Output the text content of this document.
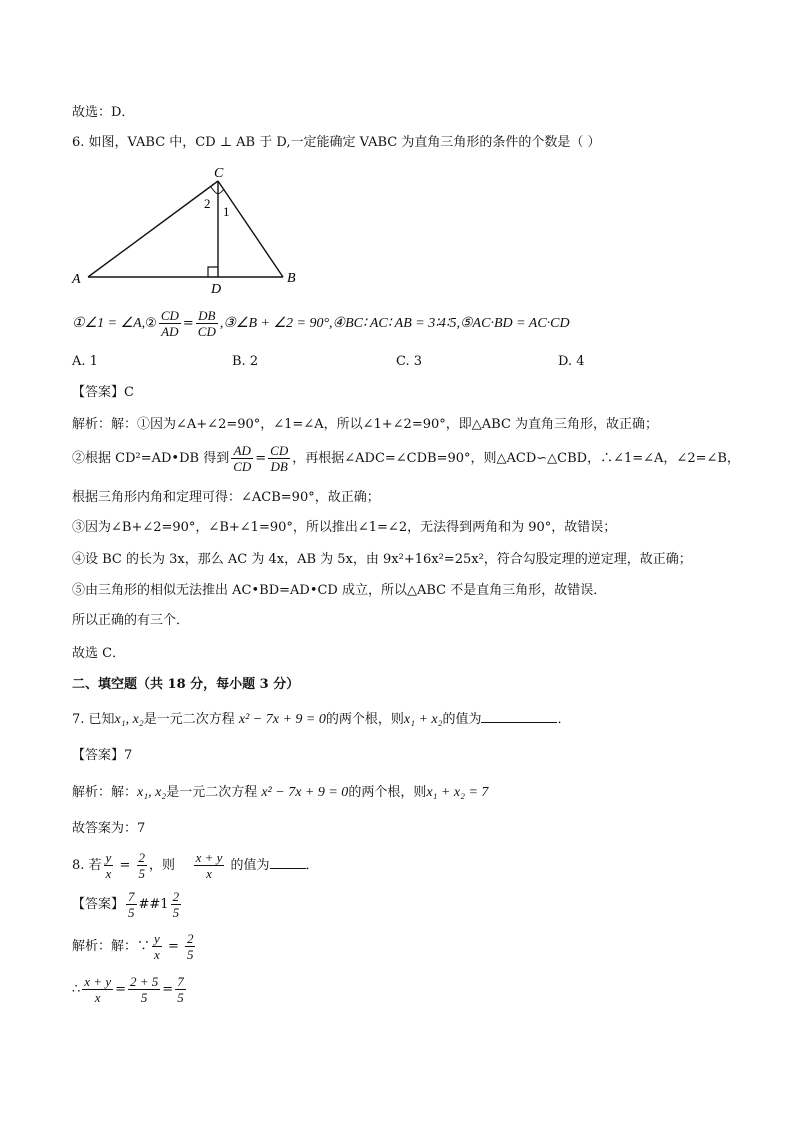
故选：D．
6. 如图，VABC 中，CD ⊥ AB 于 D,一定能确定 VABC 为直角三角形的条件的个数是（ ）
C
2
1
A	B
D
①∠1 = ∠A,② $\frac{CD}{AD} = \frac{DB}{CD}$ ,③∠B + ∠2 = 90°,④BC∶ AC∶ AB = 3∶4∶5,⑤AC·BD = AC·CD
A. 1	B. 2	C. 3	D. 4
【答案】C
解析：解：①因为∠A+∠2=90°，∠1=∠A，所以∠1+∠2=90°，即△ABC 为直角三角形，故正确；
②根据 CD²=AD•DB 得到 $\frac{AD}{CD} = \frac{CD}{DB}$ ，再根据∠ADC=∠CDB=90°，则△ACD∽△CBD，∴∠1=∠A，∠2=∠B，
根据三角形内角和定理可得：∠ACB=90°，故正确；
③因为∠B+∠2=90°，∠B+∠1=90°，所以推出∠1=∠2，无法得到两角和为 90°，故错误；
④设 BC 的长为 3x，那么 AC 为 4x，AB 为 5x，由 9x²+16x²=25x²，符合勾股定理的逆定理，故正确；
⑤由三角形的相似无法推出 AC•BD=AD•CD 成立，所以△ABC 不是直角三角形，故错误．
所以正确的有三个．
故选 C．
二、填空题（共 18 分，每小题 3 分）
7. 已知x₁, x₂是一元二次方程 x² − 7x + 9 = 0的两个根，则x₁ + x₂的值为	．
【答案】7
解析：解：x₁, x₂是一元二次方程 x² − 7x + 9 = 0的两个根，则x₁ + x₂ = 7
故答案为：7
8. 若 $\frac{y}{x} = \frac{2}{5}$ ，则 $\frac{x + y}{x}$ 的值为	．
【答案】 $\frac{7}{5}$ ##1 $\frac{2}{5}$
解析：解：∵ $\frac{y}{x} = \frac{2}{5}$
∴ $\frac{x + y}{x} = \frac{2 + 5}{5} = \frac{7}{5}$
